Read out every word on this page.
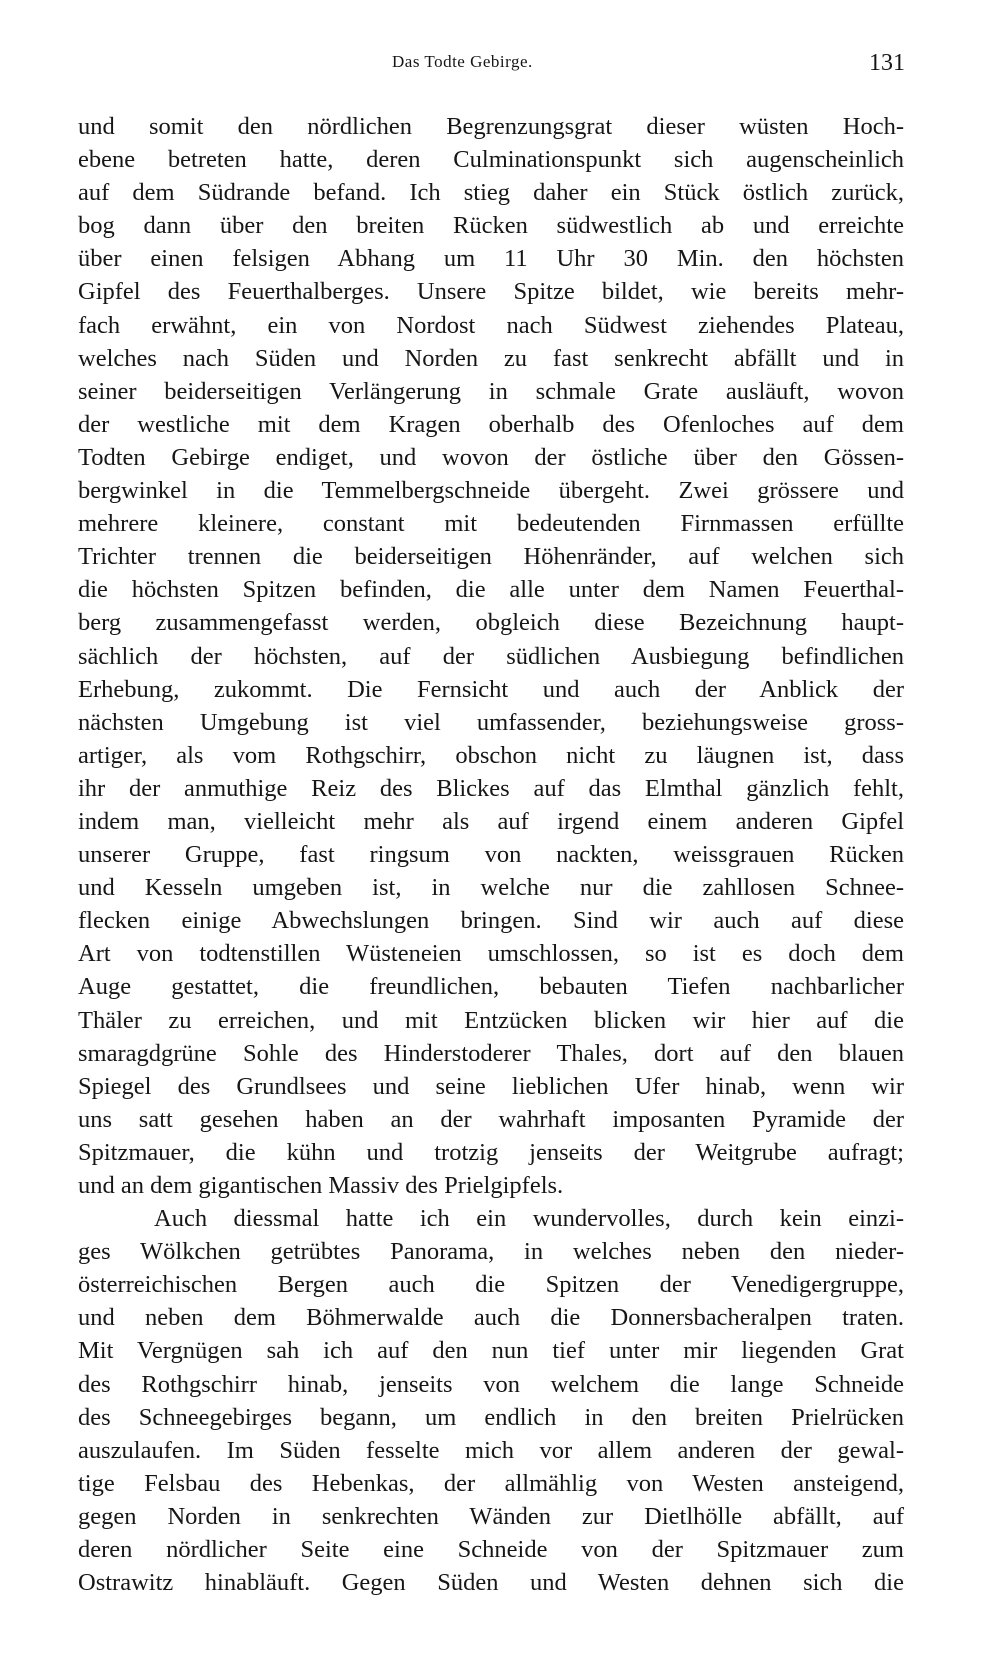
Das Todte Gebirge.	131
und somit den nördlichen Begrenzungsgrat dieser wüsten Hoch-
ebene betreten hatte, deren Culminationspunkt sich augenscheinlich
auf dem Südrande befand. Ich stieg daher ein Stück östlich zurück,
bog dann über den breiten Rücken südwestlich ab und erreichte
über einen felsigen Abhang um 11 Uhr 30 Min. den höchsten
Gipfel des Feuerthalberges. Unsere Spitze bildet, wie bereits mehr-
fach erwähnt, ein von Nordost nach Südwest ziehendes Plateau,
welches nach Süden und Norden zu fast senkrecht abfällt und in
seiner beiderseitigen Verlängerung in schmale Grate ausläuft, wovon
der westliche mit dem Kragen oberhalb des Ofenloches auf dem
Todten Gebirge endiget, und wovon der östliche über den Gössen-
bergwinkel in die Temmelbergschneide übergeht. Zwei grössere und
mehrere kleinere, constant mit bedeutenden Firnmassen erfüllte
Trichter trennen die beiderseitigen Höhenränder, auf welchen sich
die höchsten Spitzen befinden, die alle unter dem Namen Feuerthal-
berg zusammengefasst werden, obgleich diese Bezeichnung haupt-
sächlich der höchsten, auf der südlichen Ausbiegung befindlichen
Erhebung, zukommt. Die Fernsicht und auch der Anblick der
nächsten Umgebung ist viel umfassender, beziehungsweise gross-
artiger, als vom Rothgschirr, obschon nicht zu läugnen ist, dass
ihr der anmuthige Reiz des Blickes auf das Elmthal gänzlich fehlt,
indem man, vielleicht mehr als auf irgend einem anderen Gipfel
unserer Gruppe, fast ringsum von nackten, weissgrauen Rücken
und Kesseln umgeben ist, in welche nur die zahllosen Schnee-
flecken einige Abwechslungen bringen. Sind wir auch auf diese
Art von todtenstillen Wüsteneien umschlossen, so ist es doch dem
Auge gestattet, die freundlichen, bebauten Tiefen nachbarlicher
Thäler zu erreichen, und mit Entzücken blicken wir hier auf die
smaragdgrüne Sohle des Hinderstoderer Thales, dort auf den blauen
Spiegel des Grundlsees und seine lieblichen Ufer hinab, wenn wir
uns satt gesehen haben an der wahrhaft imposanten Pyramide der
Spitzmauer, die kühn und trotzig jenseits der Weitgrube aufragt;
und an dem gigantischen Massiv des Prielgipfels.
Auch diessmal hatte ich ein wundervolles, durch kein einzi-
ges Wölkchen getrübtes Panorama, in welches neben den nieder-
österreichischen Bergen auch die Spitzen der Venedigergruppe,
und neben dem Böhmerwalde auch die Donnersbacheralpen traten.
Mit Vergnügen sah ich auf den nun tief unter mir liegenden Grat
des Rothgschirr hinab, jenseits von welchem die lange Schneide
des Schneegebirges begann, um endlich in den breiten Prielrücken
auszulaufen. Im Süden fesselte mich vor allem anderen der gewal-
tige Felsbau des Hebenkas, der allmählig von Westen ansteigend,
gegen Norden in senkrechten Wänden zur Dietlhölle abfällt, auf
deren nördlicher Seite eine Schneide von der Spitzmauer zum
Ostrawitz hinabläuft. Gegen Süden und Westen dehnen sich die
